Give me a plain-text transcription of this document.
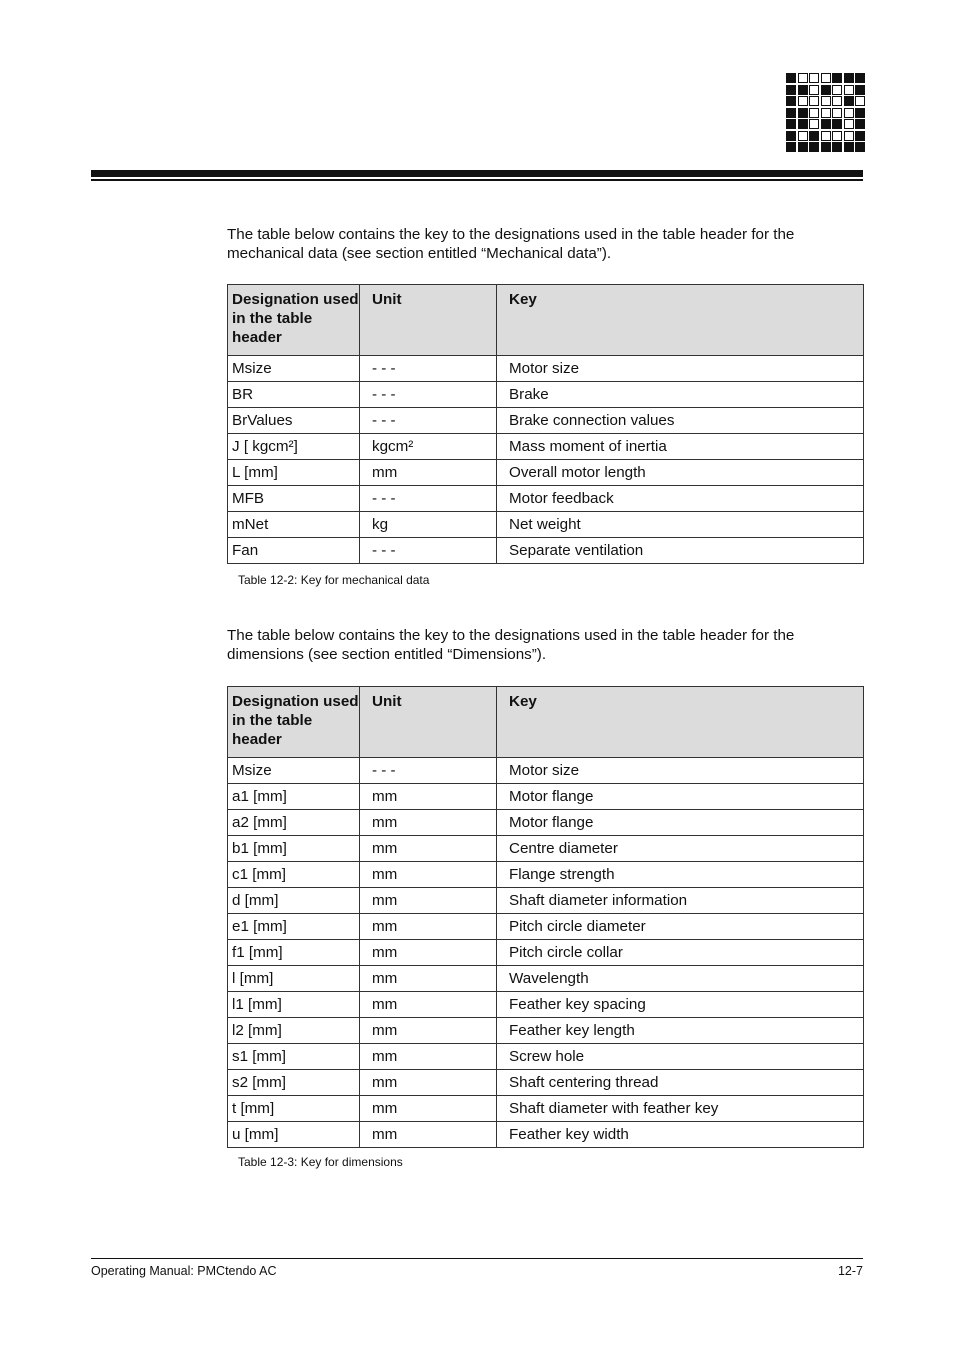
The table below contains the key to the designations used in the table header for the mechanical data (see section entitled “Mechanical data”).

Designation used in the table header	Unit	Key
Msize	- - -	Motor size
BR	- - -	Brake
BrValues	- - -	Brake connection values
J [ kgcm²]	kgcm²	Mass moment of inertia
L [mm]	mm	Overall motor length
MFB	- - -	Motor feedback
mNet	kg	Net weight
Fan	- - -	Separate ventilation

Table 12-2: Key for mechanical data

The table below contains the key to the designations used in the table header for the dimensions (see section entitled “Dimensions”).

Designation used in the table header	Unit	Key
Msize	- - -	Motor size
a1 [mm]	mm	Motor flange
a2 [mm]	mm	Motor flange
b1 [mm]	mm	Centre diameter
c1 [mm]	mm	Flange strength
d [mm]	mm	Shaft diameter information
e1 [mm]	mm	Pitch circle diameter
f1 [mm]	mm	Pitch circle collar
l [mm]	mm	Wavelength
l1 [mm]	mm	Feather key spacing
l2 [mm]	mm	Feather key length
s1 [mm]	mm	Screw hole
s2 [mm]	mm	Shaft centering thread
t [mm]	mm	Shaft diameter with feather key
u [mm]	mm	Feather key width

Table 12-3: Key for dimensions

Operating Manual: PMCtendo AC	12-7
